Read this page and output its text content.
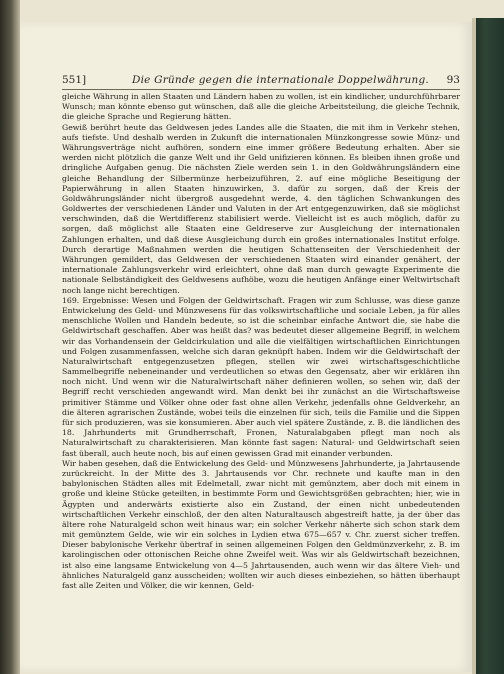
551]	Die Gründe gegen die internationale Doppelwährung. 93

gleiche Währung in allen Staaten und Ländern haben zu wollen, ist ein kindlicher, undurchführbarer Wunsch; man könnte ebenso gut wünschen, daß alle die gleiche Arbeitsteilung, die gleiche Technik, die gleiche Sprache und Regierung hätten.

Gewiß berührt heute das Geldwesen jedes Landes alle die Staaten, die mit ihm in Verkehr stehen, aufs tiefste. Und deshalb werden in Zukunft die internationalen Münzkongresse sowie Münz- und Währungsverträge nicht aufhören, sondern eine immer größere Bedeutung erhalten. Aber sie werden nicht plötzlich die ganze Welt und ihr Geld unifizieren können. Es bleiben ihnen große und dringliche Aufgaben genug. Die nächsten Ziele werden sein 1. in den Goldwährungsländern eine gleiche Behandlung der Silbermünze herbeizuführen, 2. auf eine mögliche Beseitigung der Papierwährung in allen Staaten hinzuwirken, 3. dafür zu sorgen, daß der Kreis der Goldwährungsländer nicht übergroß ausgedehnt werde, 4. den täglichen Schwankungen des Goldwertes der verschiedenen Länder und Valuten in der Art entgegenzuwirken, daß sie möglichst verschwinden, daß die Wertdifferenz stabilisiert werde. Vielleicht ist es auch möglich, dafür zu sorgen, daß möglichst alle Staaten eine Geldreserve zur Ausgleichung der internationalen Zahlungen erhalten, und daß diese Ausgleichung durch ein großes internationales Institut erfolge. Durch derartige Maßnahmen werden die heutigen Schattenseiten der Verschiedenheit der Währungen gemildert, das Geldwesen der verschiedenen Staaten wird einander genähert, der internationale Zahlungsverkehr wird erleichtert, ohne daß man durch gewagte Experimente die nationale Selbständigkeit des Geldwesens aufhöbe, wozu die heutigen Anfänge einer Weltwirtschaft noch lange nicht berechtigen.

169. Ergebnisse: Wesen und Folgen der Geldwirtschaft. Fragen wir zum Schlusse, was diese ganze Entwickelung des Geld- und Münzwesens für das volkswirtschaftliche und sociale Leben, ja für alles menschliche Wollen und Handeln bedeute, so ist die scheinbar einfache Antwort die, sie habe die Geldwirtschaft geschaffen. Aber was heißt das? was bedeutet dieser allgemeine Begriff, in welchem wir das Vorhandensein der Geldcirkulation und alle die vielfältigen wirtschaftlichen Einrichtungen und Folgen zusammenfassen, welche sich daran geknüpft haben. Indem wir die Geldwirtschaft der Naturalwirtschaft entgegenzusetzen pflegen, stellen wir zwei wirtschaftsgeschichtliche Sammelbegriffe nebeneinander und verdeutlichen so etwas den Gegensatz, aber wir erklären ihn noch nicht. Und wenn wir die Naturalwirtschaft näher definieren wollen, so sehen wir, daß der Begriff recht verschieden angewandt wird. Man denkt bei ihr zunächst an die Wirtschaftsweise primitiver Stämme und Völker ohne oder fast ohne allen Verkehr, jedenfalls ohne Geldverkehr, an die älteren agrarischen Zustände, wobei teils die einzelnen für sich, teils die Familie und die Sippen für sich produzieren, was sie konsumieren. Aber auch viel spätere Zustände, z. B. die ländlichen des 18. Jahrhunderts mit Grundherrschaft, Fronen, Naturalabgaben pflegt man noch als Naturalwirtschaft zu charakterisieren. Man könnte fast sagen: Natural- und Geldwirtschaft seien fast überall, auch heute noch, bis auf einen gewissen Grad mit einander verbunden.

Wir haben gesehen, daß die Entwickelung des Geld- und Münzwesens Jahrhunderte, ja Jahrtausende zurückreicht. In der Mitte des 3. Jahrtausends vor Chr. rechnete und kaufte man in den babylonischen Städten alles mit Edelmetall, zwar nicht mit gemünztem, aber doch mit einem in große und kleine Stücke geteilten, in bestimmte Form und Gewichtsgrößen gebrachten; hier, wie in Ägypten und anderwärts existierte also ein Zustand, der einen nicht unbedeutenden wirtschaftlichen Verkehr einschloß, der den alten Naturaltausch abgestreift hatte, ja der über das ältere rohe Naturalgeld schon weit hinaus war; ein solcher Verkehr näherte sich schon stark dem mit gemünztem Gelde, wie wir ein solches in Lydien etwa 675—657 v. Chr. zuerst sicher treffen. Dieser babylonische Verkehr übertraf in seinen allgemeinen Folgen den Geldmünzverkehr, z. B. im karolingischen oder ottonischen Reiche ohne Zweifel weit. Was wir als Geldwirtschaft bezeichnen, ist also eine langsame Entwickelung von 4—5 Jahrtausenden, auch wenn wir das ältere Vieh- und ähnliches Naturalgeld ganz ausscheiden; wollten wir auch dieses einbeziehen, so hätten überhaupt fast alle Zeiten und Völker, die wir kennen, Geld-
